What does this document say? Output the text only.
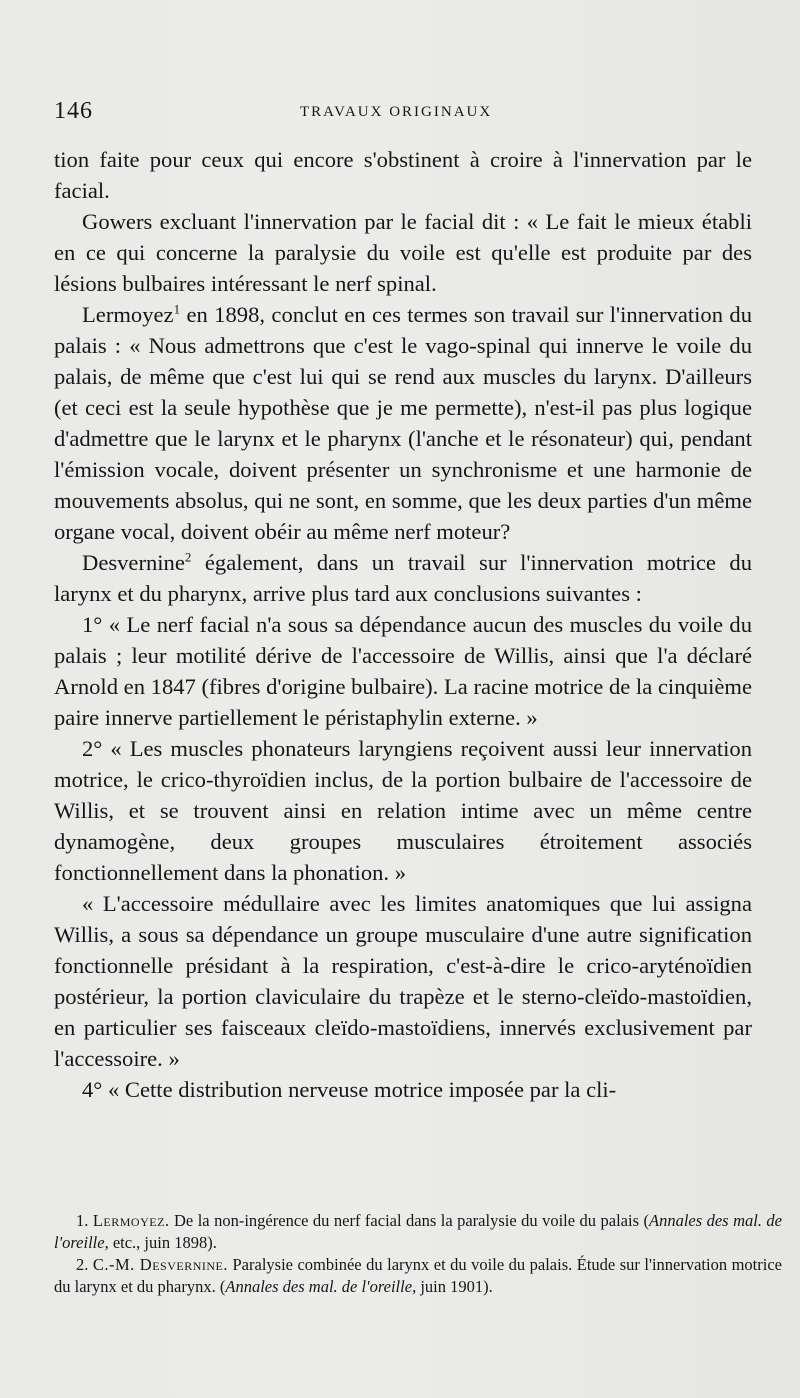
146	TRAVAUX ORIGINAUX

tion faite pour ceux qui encore s'obstinent à croire à l'innervation par le facial.

Gowers excluant l'innervation par le facial dit : « Le fait le mieux établi en ce qui concerne la paralysie du voile est qu'elle est produite par des lésions bulbaires intéressant le nerf spinal.

Lermoyez$^1$ en 1898, conclut en ces termes son travail sur l'innervation du palais : « Nous admettrons que c'est le vago-spinal qui innerve le voile du palais, de même que c'est lui qui se rend aux muscles du larynx. D'ailleurs (et ceci est la seule hypothèse que je me permette), n'est-il pas plus logique d'admettre que le larynx et le pharynx (l'anche et le résonateur) qui, pendant l'émission vocale, doivent présenter un synchronisme et une harmonie de mouvements absolus, qui ne sont, en somme, que les deux parties d'un même organe vocal, doivent obéir au même nerf moteur?

Desvernine$^2$ également, dans un travail sur l'innervation motrice du larynx et du pharynx, arrive plus tard aux conclusions suivantes :

1° « Le nerf facial n'a sous sa dépendance aucun des muscles du voile du palais ; leur motilité dérive de l'accessoire de Willis, ainsi que l'a déclaré Arnold en 1847 (fibres d'origine bulbaire). La racine motrice de la cinquième paire innerve partiellement le péristaphylin externe. »

2° « Les muscles phonateurs laryngiens reçoivent aussi leur innervation motrice, le crico-thyroïdien inclus, de la portion bulbaire de l'accessoire de Willis, et se trouvent ainsi en relation intime avec un même centre dynamogène, deux groupes musculaires étroitement associés fonctionnellement dans la phonation. »

« L'accessoire médullaire avec les limites anatomiques que lui assigna Willis, a sous sa dépendance un groupe musculaire d'une autre signification fonctionnelle présidant à la respiration, c'est-à-dire le crico-aryténoïdien postérieur, la portion claviculaire du trapèze et le sterno-cleïdo-mastoïdien, en particulier ses faisceaux cleïdo-mastoïdiens, innervés exclusivement par l'accessoire. »

4° « Cette distribution nerveuse motrice imposée par la cli-

1. Lermoyez. De la non-ingérence du nerf facial dans la paralysie du voile du palais (Annales des mal. de l'oreille, etc., juin 1898).

2. C.-M. Desvernine. Paralysie combinée du larynx et du voile du palais. Étude sur l'innervation motrice du larynx et du pharynx. (Annales des mal. de l'oreille, juin 1901).
